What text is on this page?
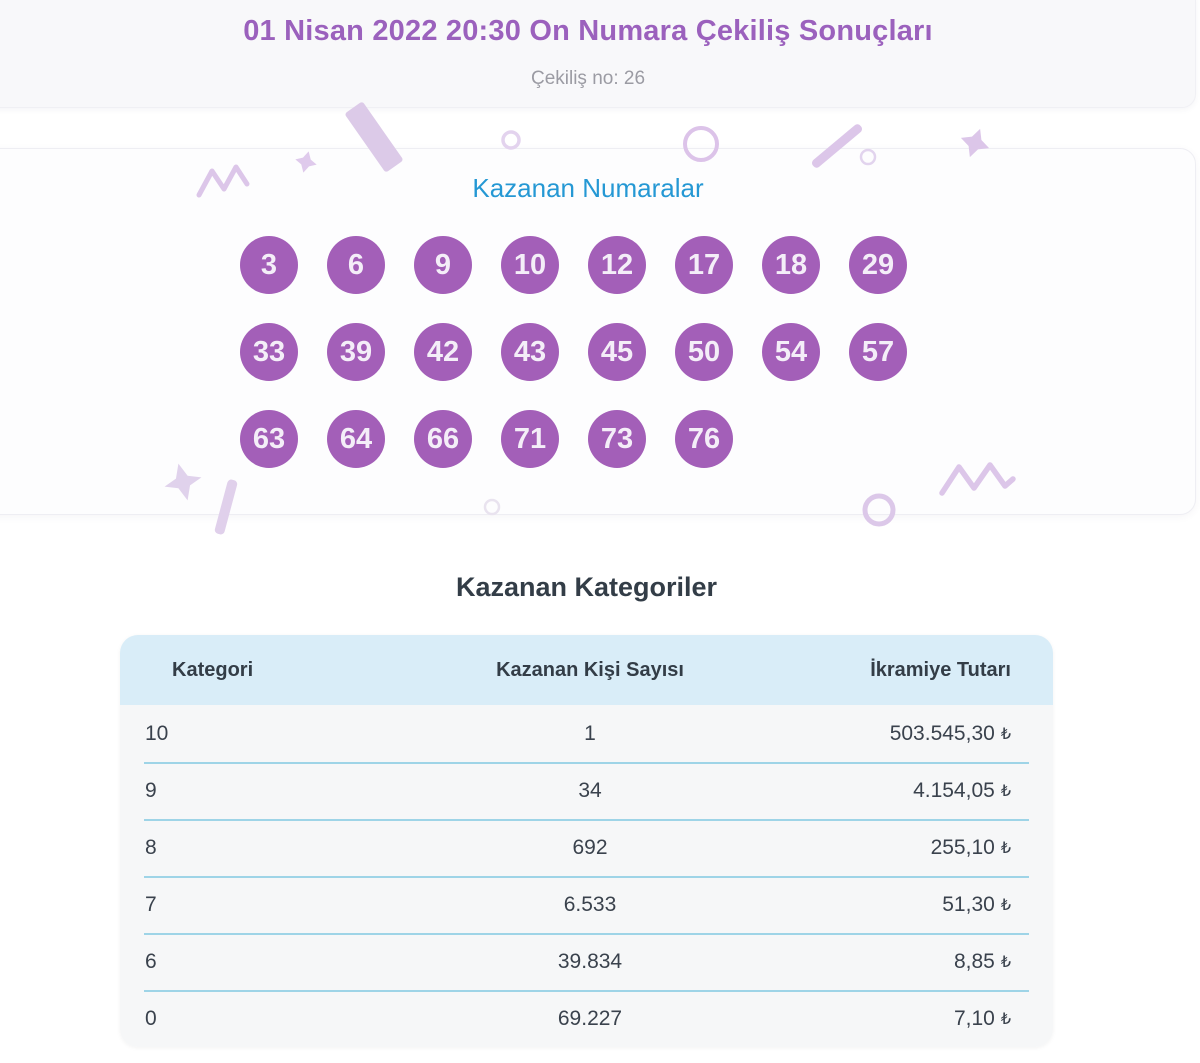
01 Nisan 2022 20:30 On Numara Çekiliş Sonuçları

Çekiliş no: 26

Kazanan Numaralar
3	6	9	10	12	17	18	29
33	39	42	43	45	50	54	57
63	64	66	71	73	76
Kazanan Kategoriler
Kategori	Kazanan Kişi Sayısı	İkramiye Tutarı
10	1	503.545,30 ₺
9	34	4.154,05 ₺
8	692	255,10 ₺
7	6.533	51,30 ₺
6	39.834	8,85 ₺
0	69.227	7,10 ₺
